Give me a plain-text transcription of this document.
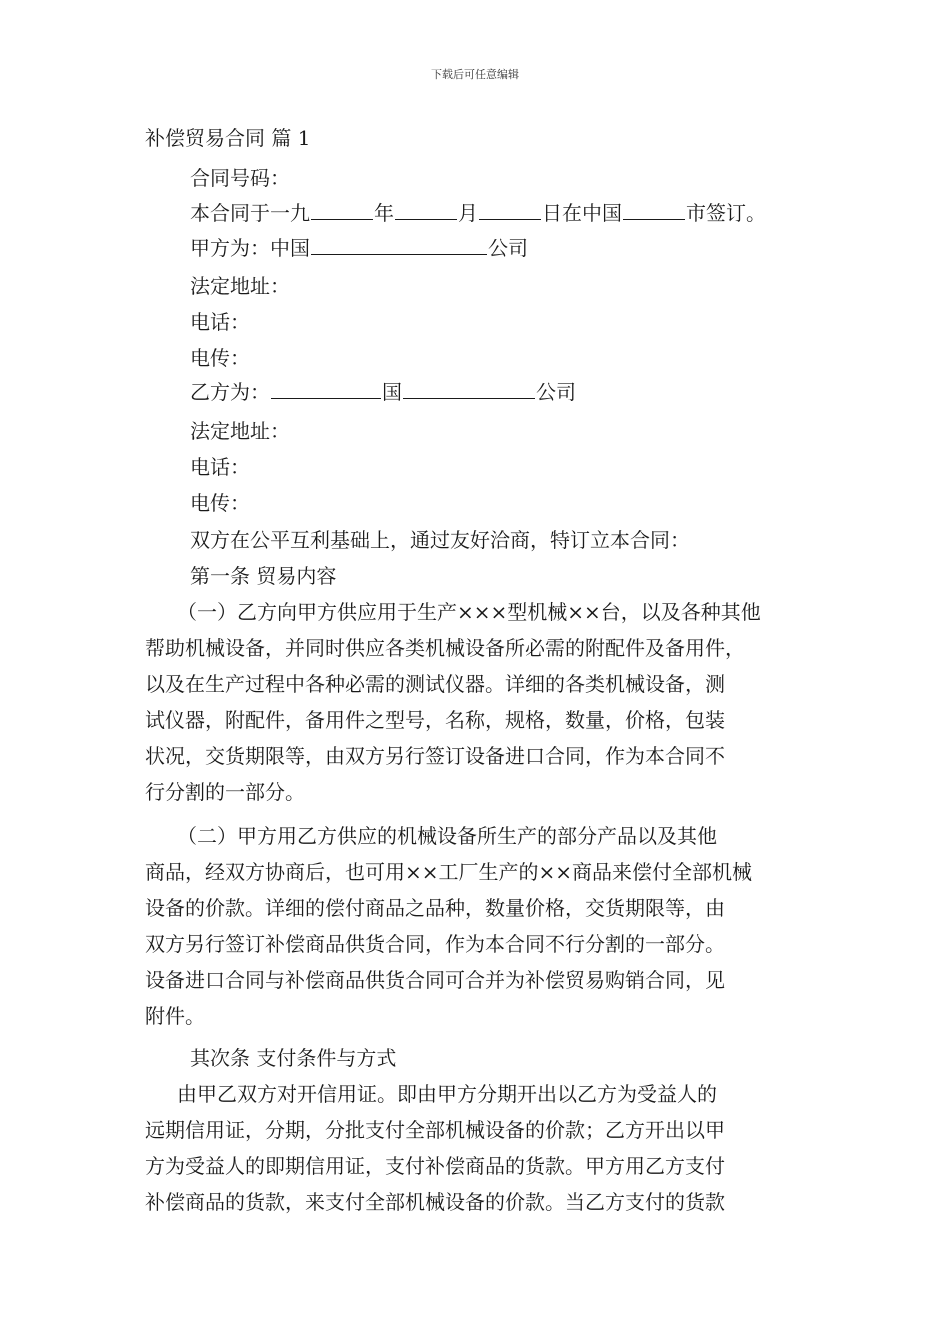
下载后可任意编辑
补偿贸易合同 篇 1
合同号码：
本合同于一九	年	月	日在中国	市签订。
甲方为：中国	公司
法定地址：
电话：
电传：
乙方为：	国	公司
法定地址：
电话：
电传：
双方在公平互利基础上，通过友好洽商，特订立本合同：
第一条 贸易内容
（一）乙方向甲方供应用于生产×××型机械××台，以及各种其他
帮助机械设备，并同时供应各类机械设备所必需的附配件及备用件，
以及在生产过程中各种必需的测试仪器。详细的各类机械设备，测
试仪器，附配件，备用件之型号，名称，规格，数量，价格，包装
状况，交货期限等，由双方另行签订设备进口合同，作为本合同不
行分割的一部分。
（二）甲方用乙方供应的机械设备所生产的部分产品以及其他
商品，经双方协商后，也可用××工厂生产的××商品来偿付全部机械
设备的价款。详细的偿付商品之品种，数量价格，交货期限等，由
双方另行签订补偿商品供货合同，作为本合同不行分割的一部分。
设备进口合同与补偿商品供货合同可合并为补偿贸易购销合同，见
附件。
其次条 支付条件与方式
由甲乙双方对开信用证。即由甲方分期开出以乙方为受益人的
远期信用证，分期，分批支付全部机械设备的价款；乙方开出以甲
方为受益人的即期信用证，支付补偿商品的货款。甲方用乙方支付
补偿商品的货款，来支付全部机械设备的价款。当乙方支付的货款
